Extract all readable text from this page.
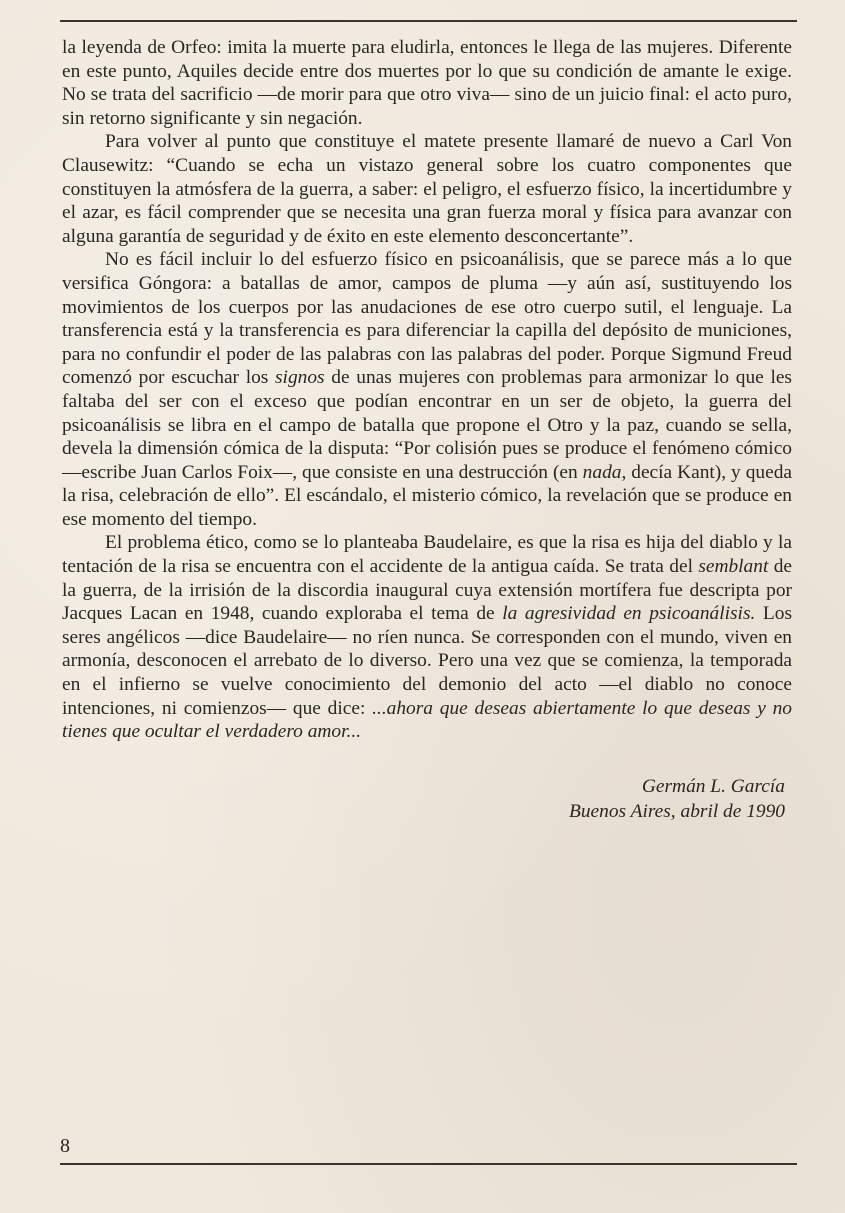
la leyenda de Orfeo: imita la muerte para eludirla, entonces le llega de las mujeres. Diferente en este punto, Aquiles decide entre dos muertes por lo que su condición de amante le exige. No se trata del sacrificio —de morir para que otro viva— sino de un juicio final: el acto puro, sin retorno significante y sin negación.

Para volver al punto que constituye el matete presente llamaré de nuevo a Carl Von Clausewitz: “Cuando se echa un vistazo general sobre los cuatro componentes que constituyen la atmósfera de la guerra, a saber: el peligro, el esfuerzo físico, la incertidumbre y el azar, es fácil comprender que se necesita una gran fuerza moral y física para avanzar con alguna garantía de seguridad y de éxito en este elemento desconcertante”.

No es fácil incluir lo del esfuerzo físico en psicoanálisis, que se parece más a lo que versifica Góngora: a batallas de amor, campos de pluma —y aún así, sustituyendo los movimientos de los cuerpos por las anudaciones de ese otro cuerpo sutil, el lenguaje. La transferencia está y la transferencia es para diferenciar la capilla del depósito de municiones, para no confundir el poder de las palabras con las palabras del poder. Porque Sigmund Freud comenzó por escuchar los signos de unas mujeres con problemas para armonizar lo que les faltaba del ser con el exceso que podían encontrar en un ser de objeto, la guerra del psicoanálisis se libra en el campo de batalla que propone el Otro y la paz, cuando se sella, devela la dimensión cómica de la disputa: “Por colisión pues se produce el fenómeno cómico —escribe Juan Carlos Foix—, que consiste en una destrucción (en nada, decía Kant), y queda la risa, celebración de ello”. El escándalo, el misterio cómico, la revelación que se produce en ese momento del tiempo.

El problema ético, como se lo planteaba Baudelaire, es que la risa es hija del diablo y la tentación de la risa se encuentra con el accidente de la antigua caída. Se trata del semblant de la guerra, de la irrisión de la discordia inaugural cuya extensión mortífera fue descripta por Jacques Lacan en 1948, cuando exploraba el tema de la agresividad en psicoanálisis. Los seres angélicos —dice Baudelaire— no ríen nunca. Se corresponden con el mundo, viven en armonía, desconocen el arrebato de lo diverso. Pero una vez que se comienza, la temporada en el infierno se vuelve conocimiento del demonio del acto —el diablo no conoce intenciones, ni comienzos— que dice: ...ahora que deseas abiertamente lo que deseas y no tienes que ocultar el verdadero amor...

Germán L. García
Buenos Aires, abril de 1990
8
